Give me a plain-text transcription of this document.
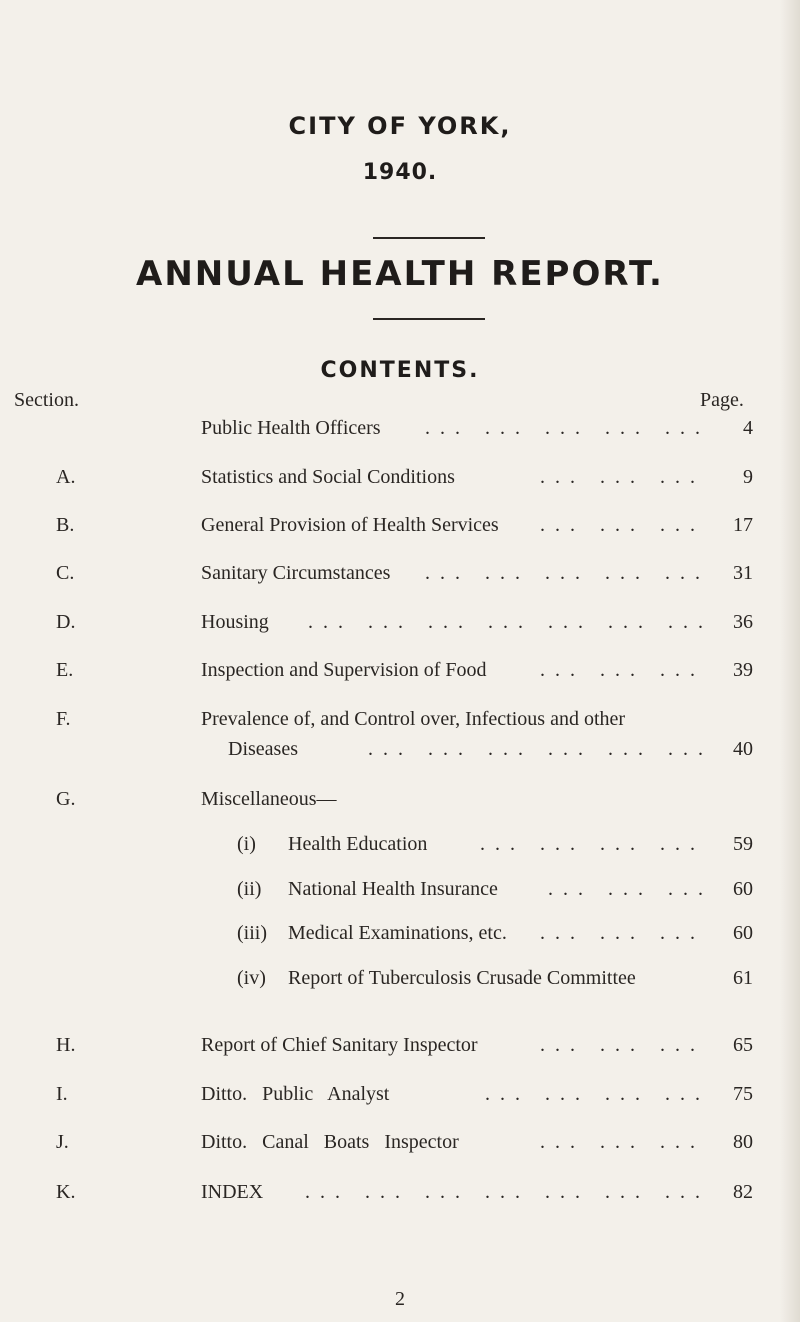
CITY OF YORK,
1940.
ANNUAL HEALTH REPORT.
CONTENTS.
Section.	Page.
Public Health Officers ... ... ... ... ...	4
A.	Statistics and Social Conditions	... ... ...	9
B.	General Provision of Health Services ... ... ...	17
C.	Sanitary Circumstances ... ... ... ... ...	31
D.	Housing ... ... ... ... ... ... ...	36
E.	Inspection and Supervision of Food	... ... ...	39
F.	Prevalence of, and Control over, Infectious and other
Diseases	... ... ... ... ... ...	40
G.	Miscellaneous—
(i) Health Education	... ... ... ...	59
(ii) National Health Insurance	... ... ...	60
(iii) Medical Examinations, etc. ... ... ...	60
(iv) Report of Tuberculosis Crusade Committee	61
H.	Report of Chief Sanitary Inspector	... ... ...	65
I.	Ditto. Public Analyst	... ... ... ...	75
J.	Ditto. Canal Boats Inspector	... ... ...	80
K.	INDEX ... ... ... ... ... ... ...	82
2
